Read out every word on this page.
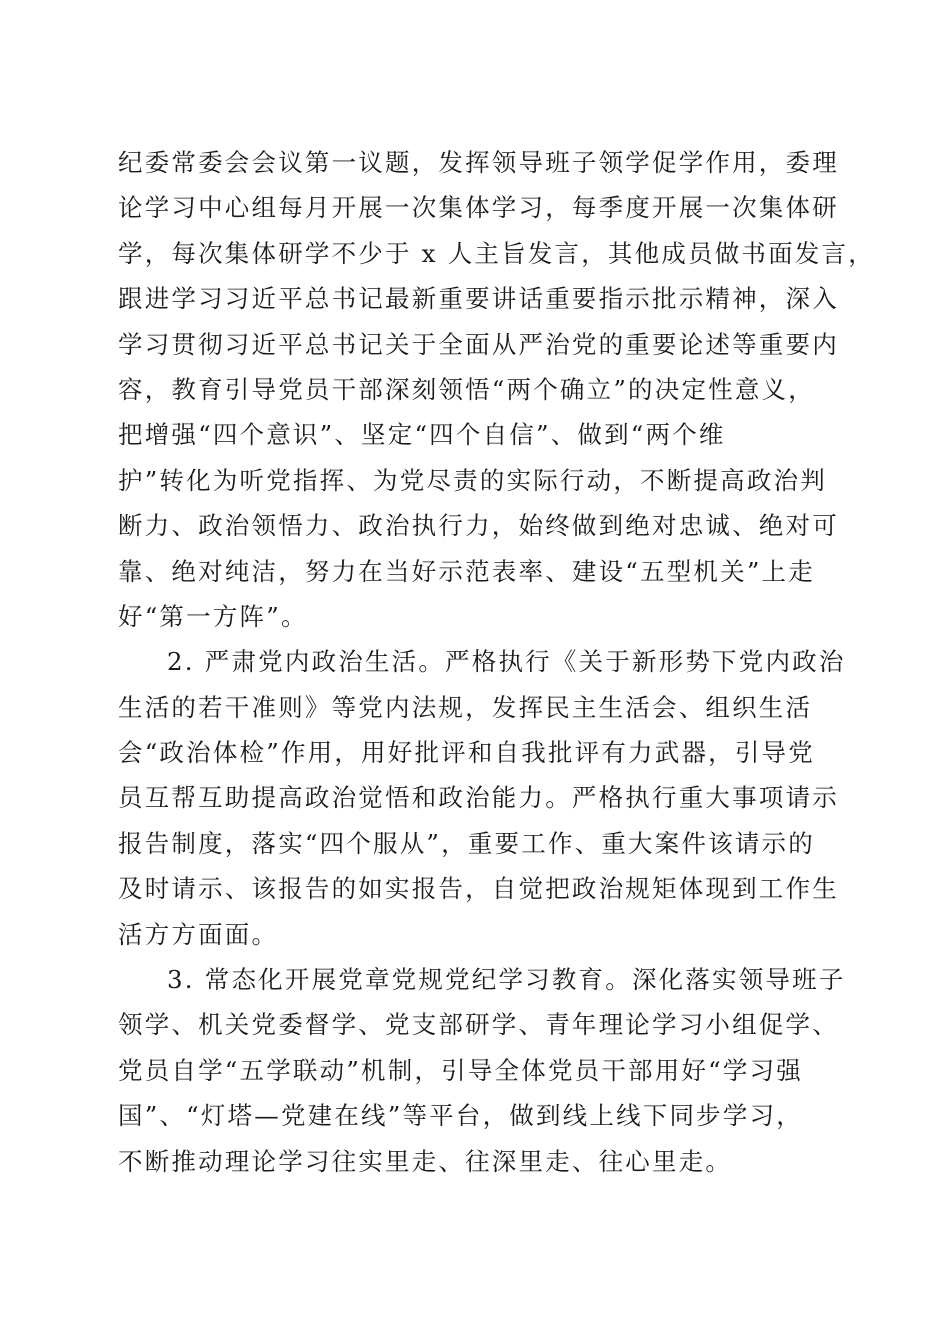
纪委常委会会议第一议题，发挥领导班子领学促学作用，委理
论学习中心组每月开展一次集体学习，每季度开展一次集体研
学，每次集体研学不少于 x 人主旨发言，其他成员做书面发言，
跟进学习习近平总书记最新重要讲话重要指示批示精神，深入
学习贯彻习近平总书记关于全面从严治党的重要论述等重要内
容，教育引导党员干部深刻领悟“两个确立”的决定性意义，
把增强“四个意识”、坚定“四个自信”、做到“两个维
护”转化为听党指挥、为党尽责的实际行动，不断提高政治判
断力、政治领悟力、政治执行力，始终做到绝对忠诚、绝对可
靠、绝对纯洁，努力在当好示范表率、建设“五型机关”上走
好“第一方阵”。
2. 严肃党内政治生活。严格执行《关于新形势下党内政治
生活的若干准则》等党内法规，发挥民主生活会、组织生活
会“政治体检”作用，用好批评和自我批评有力武器，引导党
员互帮互助提高政治觉悟和政治能力。严格执行重大事项请示
报告制度，落实“四个服从”，重要工作、重大案件该请示的
及时请示、该报告的如实报告，自觉把政治规矩体现到工作生
活方方面面。
3. 常态化开展党章党规党纪学习教育。深化落实领导班子
领学、机关党委督学、党支部研学、青年理论学习小组促学、
党员自学“五学联动”机制，引导全体党员干部用好“学习强
国”、“灯塔—党建在线”等平台，做到线上线下同步学习，
不断推动理论学习往实里走、往深里走、往心里走。
